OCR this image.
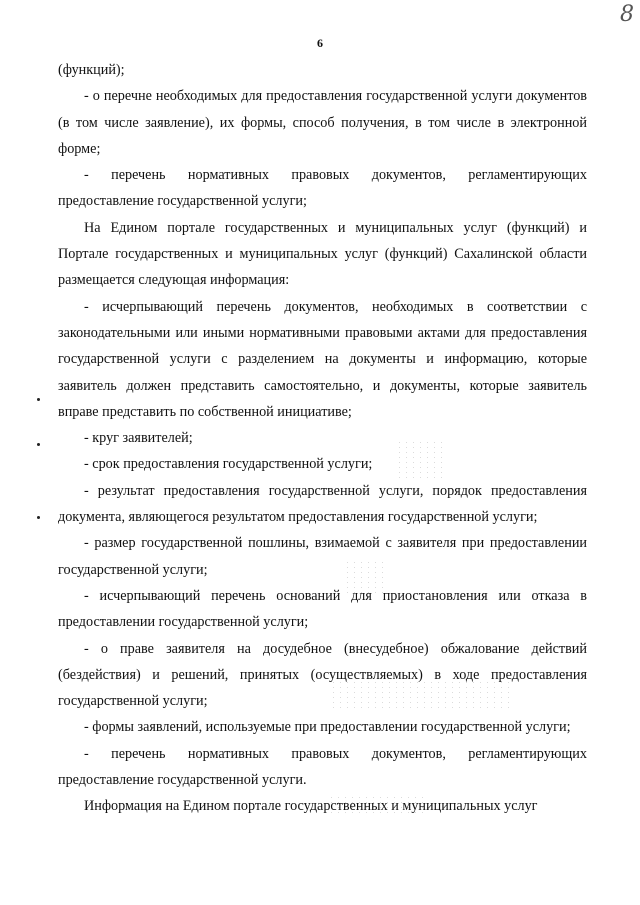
8
6

(функций);

- о перечне необходимых для предоставления государственной услуги документов (в том числе заявление), их формы, способ получения, в том числе в электронной форме;

- перечень нормативных правовых документов, регламентирующих предоставление государственной услуги;

На Едином портале государственных и муниципальных услуг (функций) и Портале государственных и муниципальных услуг (функций) Сахалинской области размещается следующая информация:

- исчерпывающий перечень документов, необходимых в соответствии с законодательными или иными нормативными правовыми актами для предоставления государственной услуги с разделением на документы и информацию, которые заявитель должен представить самостоятельно, и документы, которые заявитель вправе представить по собственной инициативе;

- круг заявителей;

- срок предоставления государственной услуги;

- результат предоставления государственной услуги, порядок предоставления документа, являющегося результатом предоставления государственной услуги;

- размер государственной пошлины, взимаемой с заявителя при предоставлении государственной услуги;

- исчерпывающий перечень оснований для приостановления или отказа в предоставлении государственной услуги;

- о праве заявителя на досудебное (внесудебное) обжалование действий (бездействия) и решений, принятых (осуществляемых) в ходе предоставления государственной услуги;

- формы заявлений, используемые при предоставлении государственной услуги;

- перечень нормативных правовых документов, регламентирующих предоставление государственной услуги.

Информация на Едином портале государственных и муниципальных услуг
